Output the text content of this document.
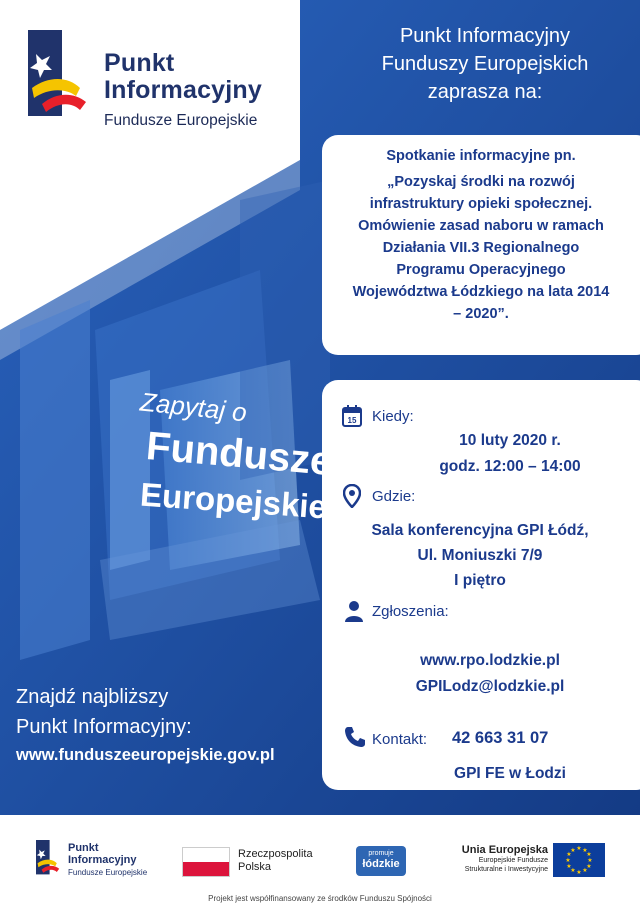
Punkt
Informacyjny
Fundusze Europejskie
Punkt Informacyjny
Funduszy Europejskich
zaprasza na:
Spotkanie informacyjne pn.
„Pozyskaj środki na rozwój
infrastruktury opieki społecznej.
Omówienie zasad naboru w ramach
Działania VII.3 Regionalnego
Programu Operacyjnego
Województwa Łódzkiego na lata 2014
– 2020”.
15 Kiedy:
10 luty 2020 r.
godz. 12:00 – 14:00
Gdzie:
Sala konferencyjna GPI Łódź,
Ul. Moniuszki 7/9
I piętro
Zgłoszenia:
www.rpo.lodzkie.pl
GPILodz@lodzkie.pl
Kontakt: 42 663 31 07
GPI FE w Łodzi
Zapytaj o
Fundusze
Europejskie
Znajdź najbliższy
Punkt Informacyjny:
www.funduszeeuropejskie.gov.pl
Punkt
Informacyjny
Fundusze Europejskie
Rzeczpospolita
Polska
promuje
łódzkie
Unia Europejska
Europejskie Fundusze
Strukturalne i Inwestycyjne
★ ★
★
★
★
★
★
★
★
★
★
★
Projekt jest współfinansowany ze środków Funduszu Spójności
